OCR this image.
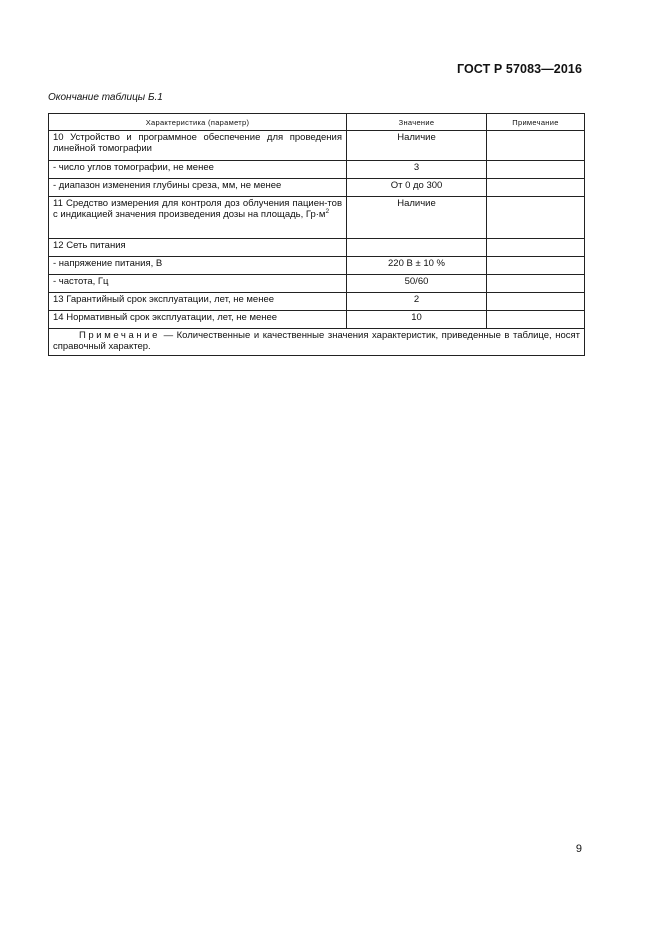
ГОСТ Р 57083—2016
Окончание таблицы Б.1
Характеристика (параметр)	Значение	Примечание
10 Устройство и программное обеспечение для проведения линейной томографии	Наличие	
- число углов томографии, не менее	3	
- диапазон изменения глубины среза, мм, не менее	От 0 до 300	
11 Средство измерения для контроля доз облучения пациен-тов с индикацией значения произведения дозы на площадь, $Гр\cdot м^2$	Наличие	
12 Сеть питания		
- напряжение питания, В	220 В ± 10 %	
- частота, Гц	50/60	
13 Гарантийный срок эксплуатации, лет, не менее	2	
14 Нормативный срок эксплуатации, лет, не менее	10	
Примечание — Количественные и качественные значения характеристик, приведенные в таблице, носят справочный характер.		
9
